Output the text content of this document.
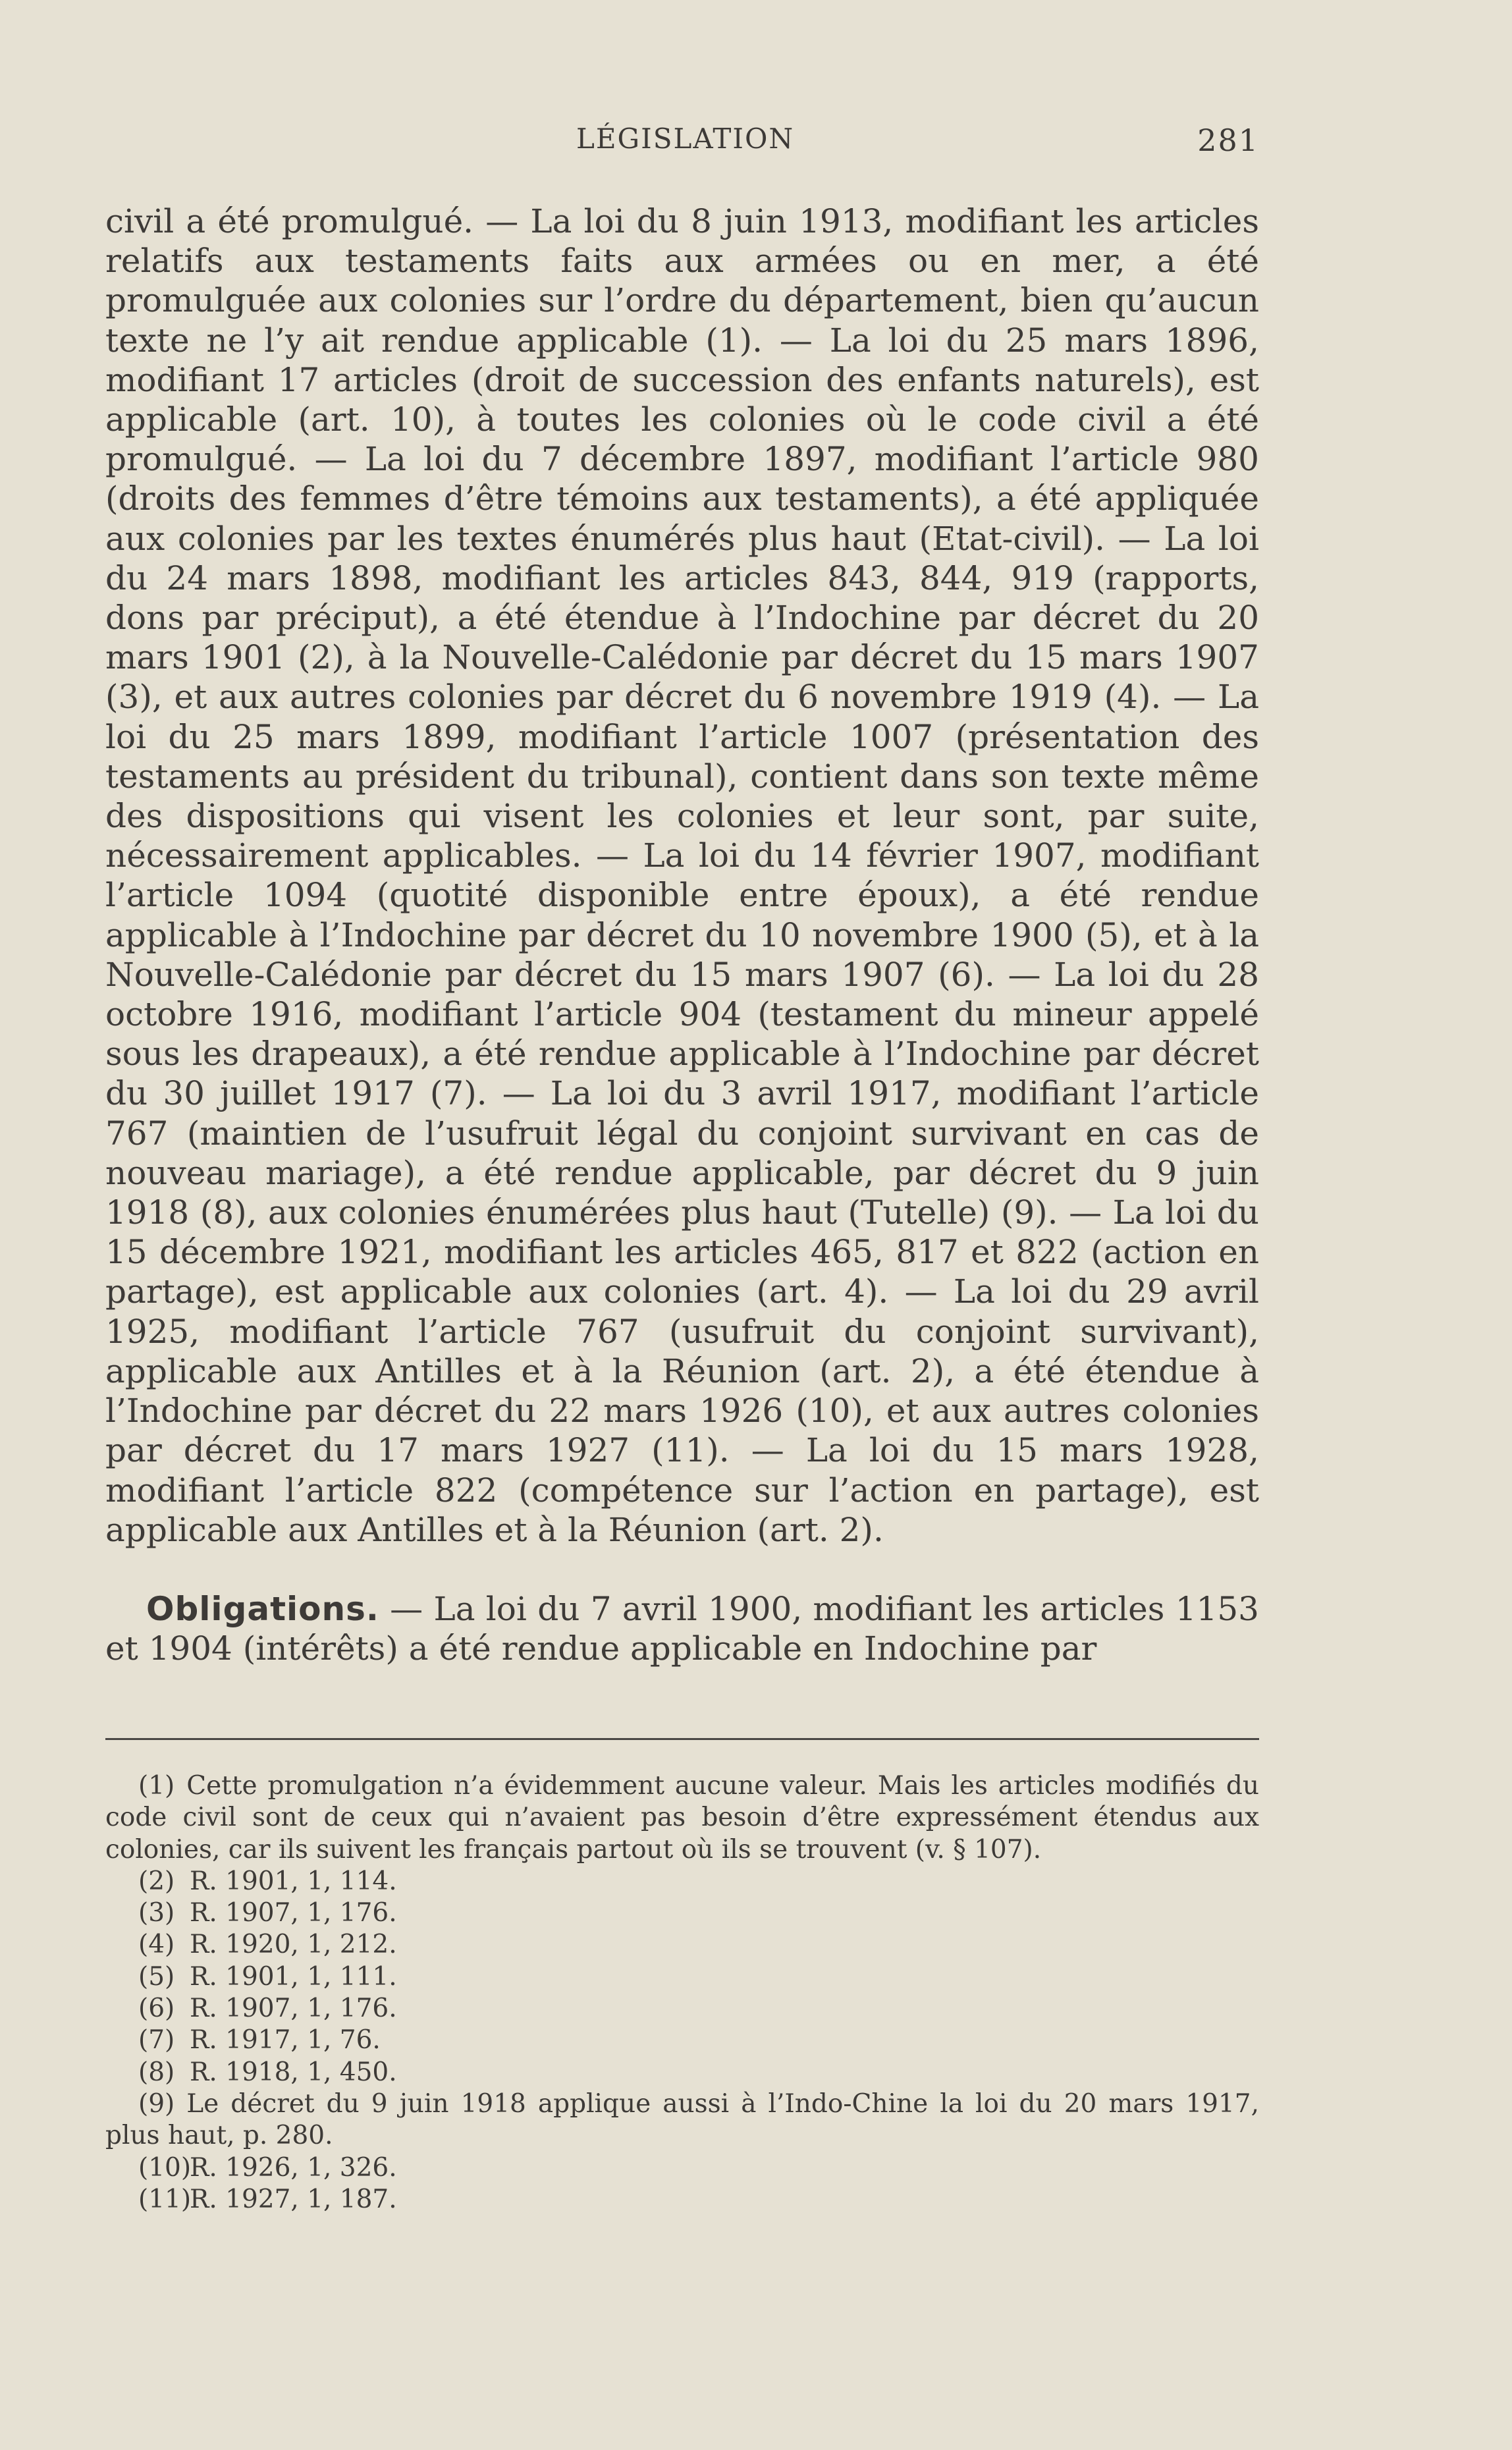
LÉGISLATION	281

civil a été promulgué. — La loi du 8 juin 1913, modifiant les articles relatifs aux testaments faits aux armées ou en mer, a été promulguée aux colonies sur l’ordre du département, bien qu’aucun texte ne l’y ait rendue applicable (1). — La loi du 25 mars 1896, modifiant 17 articles (droit de succession des enfants naturels), est applicable (art. 10), à toutes les colonies où le code civil a été promulgué. — La loi du 7 décembre 1897, modifiant l’article 980 (droits des femmes d’être témoins aux testaments), a été appliquée aux colonies par les textes énumérés plus haut (Etat-civil). — La loi du 24 mars 1898, modifiant les articles 843, 844, 919 (rapports, dons par préciput), a été étendue à l’Indochine par décret du 20 mars 1901 (2), à la Nouvelle-Calédonie par décret du 15 mars 1907 (3), et aux autres colonies par décret du 6 novembre 1919 (4). — La loi du 25 mars 1899, modifiant l’article 1007 (présentation des testaments au président du tribunal), contient dans son texte même des dispositions qui visent les colonies et leur sont, par suite, nécessairement applicables. — La loi du 14 février 1907, modifiant l’article 1094 (quotité disponible entre époux), a été rendue applicable à l’Indochine par décret du 10 novembre 1900 (5), et à la Nouvelle-Calédonie par décret du 15 mars 1907 (6). — La loi du 28 octobre 1916, modifiant l’article 904 (testament du mineur appelé sous les drapeaux), a été rendue applicable à l’Indochine par décret du 30 juillet 1917 (7). — La loi du 3 avril 1917, modifiant l’article 767 (maintien de l’usufruit légal du conjoint survivant en cas de nouveau mariage), a été rendue applicable, par décret du 9 juin 1918 (8), aux colonies énumérées plus haut (Tutelle) (9). — La loi du 15 décembre 1921, modifiant les articles 465, 817 et 822 (action en partage), est applicable aux colonies (art. 4). — La loi du 29 avril 1925, modifiant l’article 767 (usufruit du conjoint survivant), applicable aux Antilles et à la Réunion (art. 2), a été étendue à l’Indochine par décret du 22 mars 1926 (10), et aux autres colonies par décret du 17 mars 1927 (11). — La loi du 15 mars 1928, modifiant l’article 822 (compétence sur l’action en partage), est applicable aux Antilles et à la Réunion (art. 2).

Obligations. — La loi du 7 avril 1900, modifiant les articles 1153 et 1904 (intérêts) a été rendue applicable en Indochine par

(1) Cette promulgation n’a évidemment aucune valeur. Mais les articles modifiés du code civil sont de ceux qui n’avaient pas besoin d’être expressément étendus aux colonies, car ils suivent les français partout où ils se trouvent (v. § 107).

(2) R. 1901, 1, 114.

(3) R. 1907, 1, 176.

(4) R. 1920, 1, 212.

(5) R. 1901, 1, 111.

(6) R. 1907, 1, 176.

(7) R. 1917, 1, 76.

(8) R. 1918, 1, 450.

(9) Le décret du 9 juin 1918 applique aussi à l’Indo-Chine la loi du 20 mars 1917, plus haut, p. 280.

(10)R. 1926, 1, 326.

(11)R. 1927, 1, 187.
